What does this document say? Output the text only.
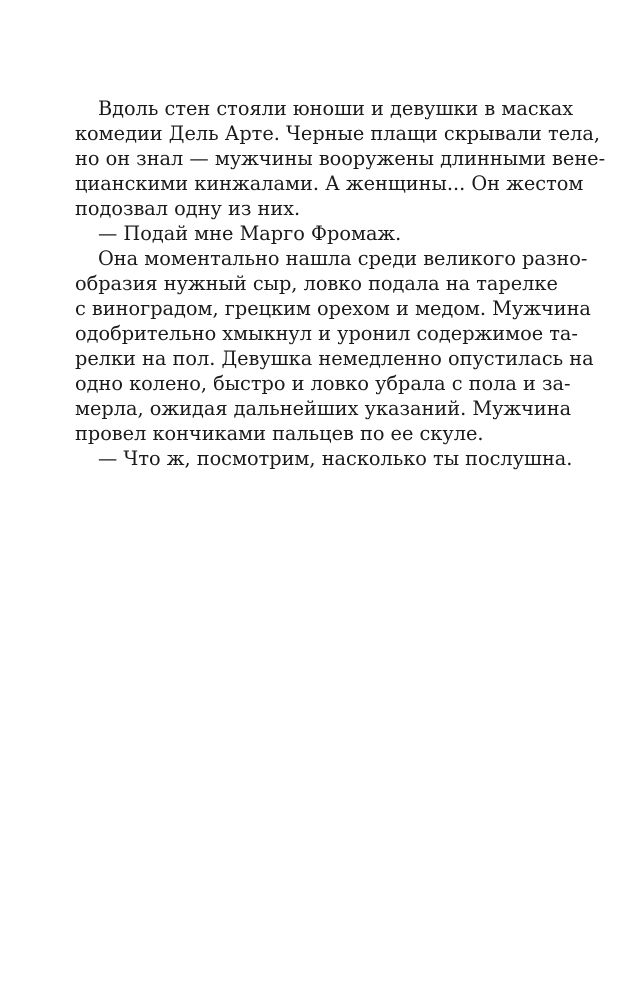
Вдоль стен стояли юноши и девушки в масках
комедии Дель Арте. Черные плащи скрывали тела,
но он знал — мужчины вооружены длинными вене-
цианскими кинжалами. А женщины... Он жестом
подозвал одну из них.
— Подай мне Марго Фромаж.
Она моментально нашла среди великого разно-
образия нужный сыр, ловко подала на тарелке
с виноградом, грецким орехом и медом. Мужчина
одобрительно хмыкнул и уронил содержимое та-
релки на пол. Девушка немедленно опустилась на
одно колено, быстро и ловко убрала с пола и за-
мерла, ожидая дальнейших указаний. Мужчина
провел кончиками пальцев по ее скуле.
— Что ж, посмотрим, насколько ты послушна.
